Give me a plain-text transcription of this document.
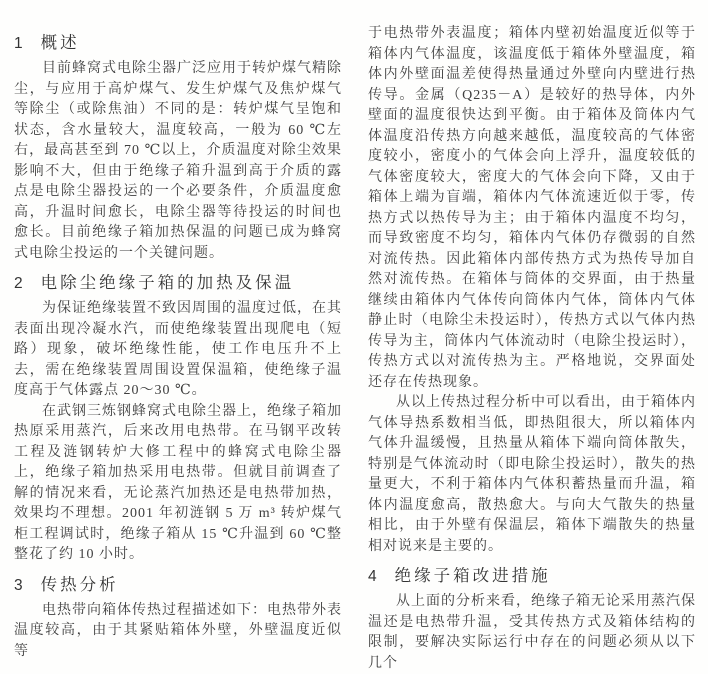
1 概述

目前蜂窝式电除尘器广泛应用于转炉煤气精除尘，与应用于高炉煤气、发生炉煤气及焦炉煤气等除尘（或除焦油）不同的是：转炉煤气呈饱和状态，含水量较大，温度较高，一般为 60 ℃左右，最高甚至到 70 ℃以上，介质温度对除尘效果影响不大，但由于绝缘子箱升温到高于介质的露点是电除尘器投运的一个必要条件，介质温度愈高，升温时间愈长，电除尘器等待投运的时间也愈长。目前绝缘子箱加热保温的问题已成为蜂窝式电除尘投运的一个关键问题。

2 电除尘绝缘子箱的加热及保温

为保证绝缘装置不致因周围的温度过低，在其表面出现冷凝水汽，而使绝缘装置出现爬电（短路）现象，破坏绝缘性能，使工作电压升不上去，需在绝缘装置周围设置保温箱，使绝缘子温度高于气体露点 20～30 ℃。

在武钢三炼钢蜂窝式电除尘器上，绝缘子箱加热原采用蒸汽，后来改用电热带。在马钢平改转工程及涟钢转炉大修工程中的蜂窝式电除尘器上，绝缘子箱加热采用电热带。但就目前调查了解的情况来看，无论蒸汽加热还是电热带加热，效果均不理想。2001 年初涟钢 5 万 m³ 转炉煤气柜工程调试时，绝缘子箱从 15 ℃升温到 60 ℃整整花了约 10 小时。

3 传热分析

电热带向箱体传热过程描述如下：电热带外表温度较高，由于其紧贴箱体外壁，外壁温度近似等

于电热带外表温度；箱体内壁初始温度近似等于箱体内气体温度，该温度低于箱体外壁温度，箱体内外壁面温差使得热量通过外壁向内壁进行热传导。金属（Q235－A）是较好的热导体，内外壁面的温度很快达到平衡。由于箱体及筒体内气体温度沿传热方向越来越低，温度较高的气体密度较小，密度小的气体会向上浮升，温度较低的气体密度较大，密度大的气体会向下降，又由于箱体上端为盲端，箱体内气体流速近似于零，传热方式以热传导为主；由于箱体内温度不均匀，而导致密度不均匀，箱体内气体仍存微弱的自然对流传热。因此箱体内部传热方式为热传导加自然对流传热。在箱体与筒体的交界面，由于热量继续由箱体内气体传向筒体内气体，筒体内气体静止时（电除尘未投运时），传热方式以气体内热传导为主，筒体内气体流动时（电除尘投运时），传热方式以对流传热为主。严格地说，交界面处还存在传热现象。

从以上传热过程分析中可以看出，由于箱体内气体导热系数相当低，即热阻很大，所以箱体内气体升温缓慢，且热量从箱体下端向筒体散失，特别是气体流动时（即电除尘投运时），散失的热量更大，不利于箱体内气体积蓄热量而升温，箱体内温度愈高，散热愈大。与向大气散失的热量相比，由于外壁有保温层，箱体下端散失的热量相对说来是主要的。

4 绝缘子箱改进措施

从上面的分析来看，绝缘子箱无论采用蒸汽保温还是电热带升温，受其传热方式及箱体结构的限制，要解决实际运行中存在的问题必须从以下几个
